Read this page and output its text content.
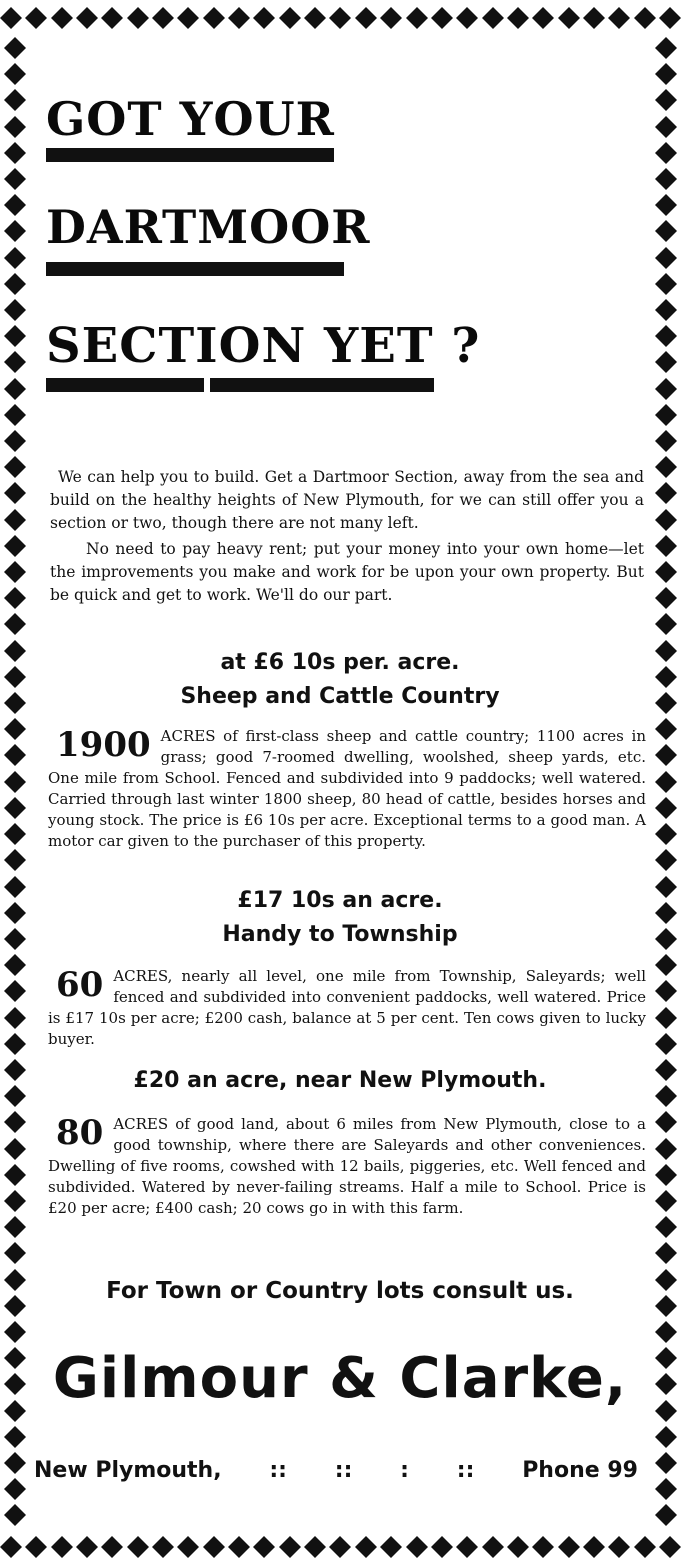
GOT YOUR
DARTMOOR
SECTION YET ?

We can help you to build. Get a Dartmoor Section, away from the sea and build on the healthy heights of New Plymouth, for we can still offer you a section or two, though there are not many left.

No need to pay heavy rent; put your money into your own home—let the improvements you make and work for be upon your own property. But be quick and get to work. We'll do our part.

at £6 10s per. acre.
Sheep and Cattle Country
1900 ACRES of first-class sheep and cattle country; 1100 acres in grass; good 7-roomed dwelling, woolshed, sheep yards, etc. One mile from School. Fenced and subdivided into 9 paddocks; well watered. Carried through last winter 1800 sheep, 80 head of cattle, besides horses and young stock. The price is £6 10s per acre. Exceptional terms to a good man. A motor car given to the purchaser of this property.
£17 10s an acre.
Handy to Township
60 ACRES, nearly all level, one mile from Township, Saleyards; well fenced and subdivided into convenient paddocks, well watered. Price is £17 10s per acre; £200 cash, balance at 5 per cent. Ten cows given to lucky buyer.
£20 an acre, near New Plymouth.
80 ACRES of good land, about 6 miles from New Plymouth, close to a good township, where there are Saleyards and other conveniences. Dwelling of five rooms, cowshed with 12 bails, piggeries, etc. Well fenced and subdivided. Watered by never-failing streams. Half a mile to School. Price is £20 per acre; £400 cash; 20 cows go in with this farm.
For Town or Country lots consult us.
Gilmour & Clarke,
New Plymouth, :: :: : :: Phone 99
